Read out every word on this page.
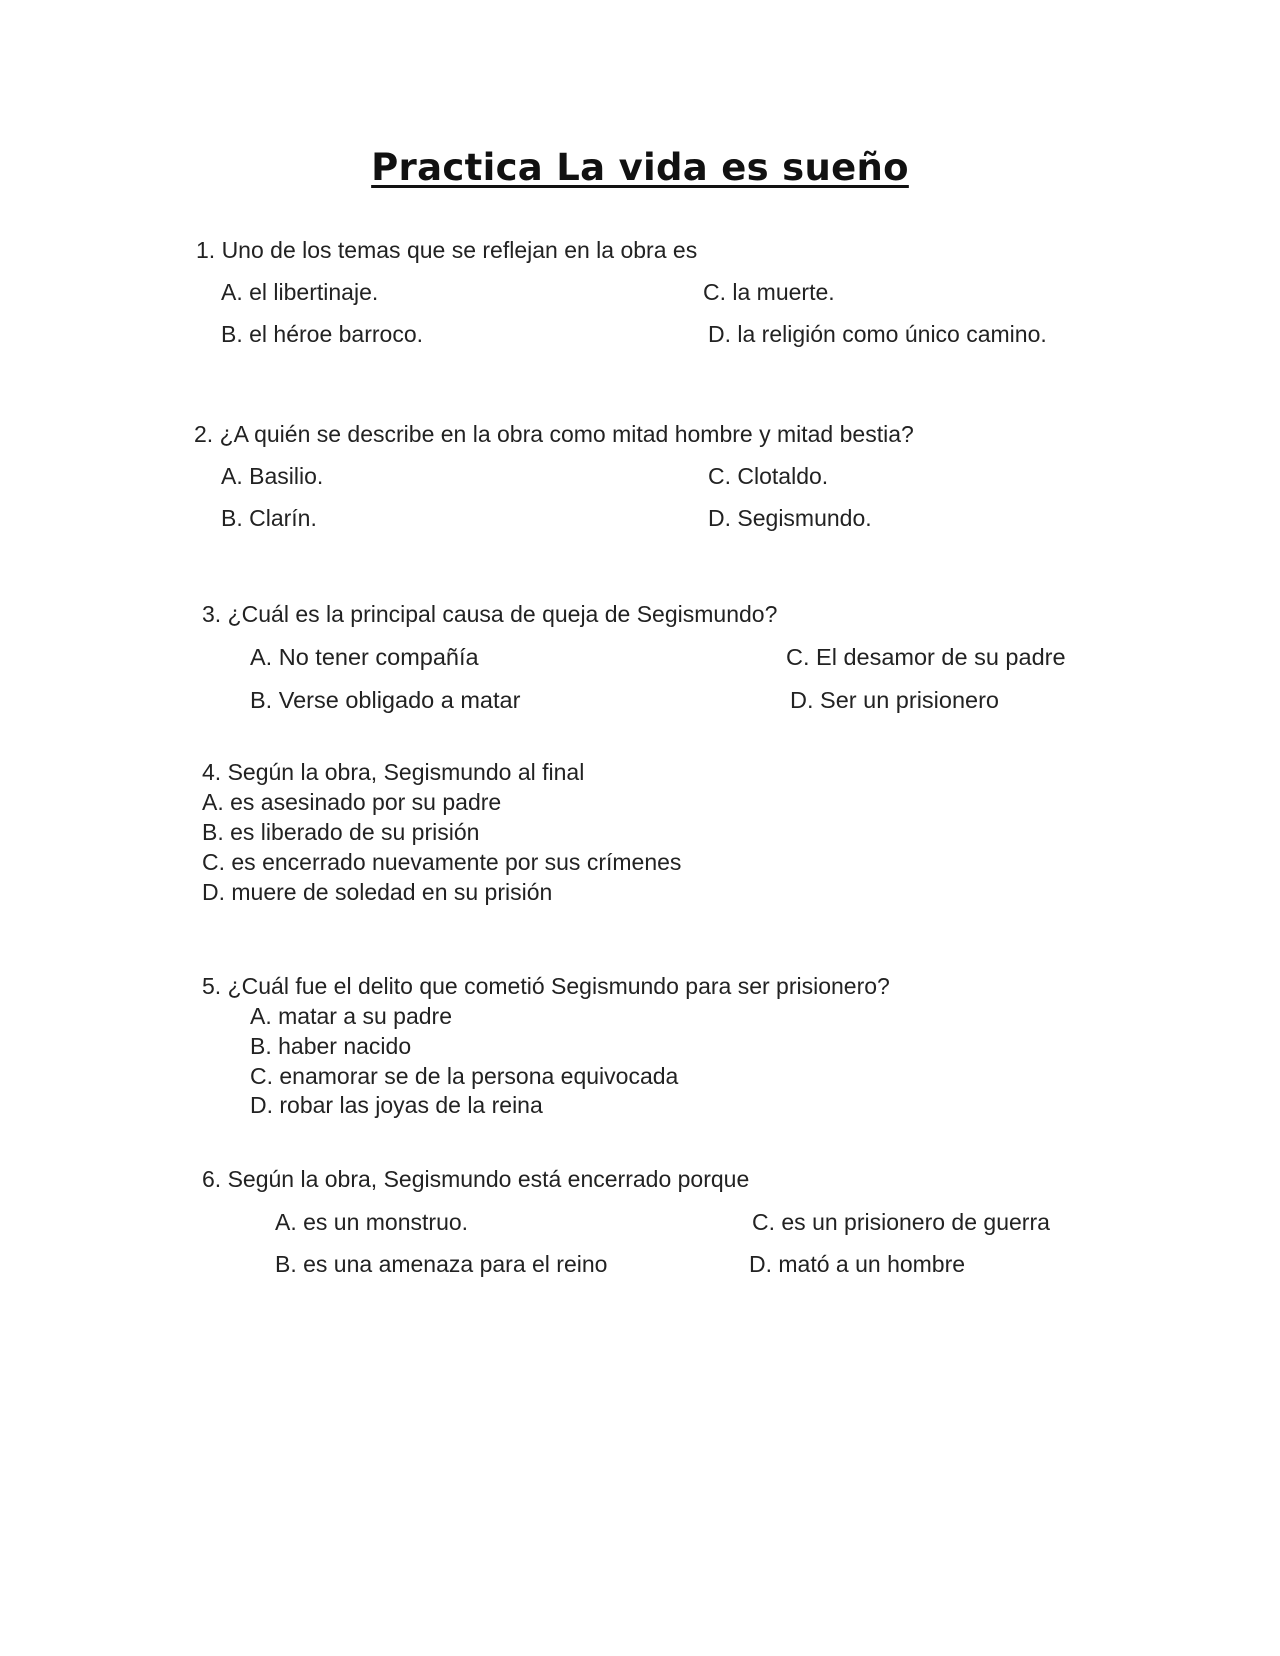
Practica La vida es sueño
1. Uno de los temas que se reflejan en la obra es
A. el libertinaje.
B. el héroe barroco.
C. la muerte.
D. la religión como único camino.
2. ¿A quién se describe en la obra como mitad hombre y mitad bestia?
A. Basilio.
B. Clarín.
C. Clotaldo.
D. Segismundo.
3. ¿Cuál es la principal causa de queja de Segismundo?
A. No tener compañía
B. Verse obligado a matar
C. El desamor de su padre
D. Ser un prisionero
4. Según la obra, Segismundo al final
A. es asesinado por su padre
B. es liberado de su prisión
C. es encerrado nuevamente por sus crímenes
D. muere de soledad en su prisión
5. ¿Cuál fue el delito que cometió Segismundo para ser prisionero?
A. matar a su padre
B. haber nacido
C. enamorar se de la persona equivocada
D. robar las joyas de la reina
6. Según la obra, Segismundo está encerrado porque
A. es un monstruo.
B. es una amenaza para el reino
C. es un prisionero de guerra
D. mató a un hombre
